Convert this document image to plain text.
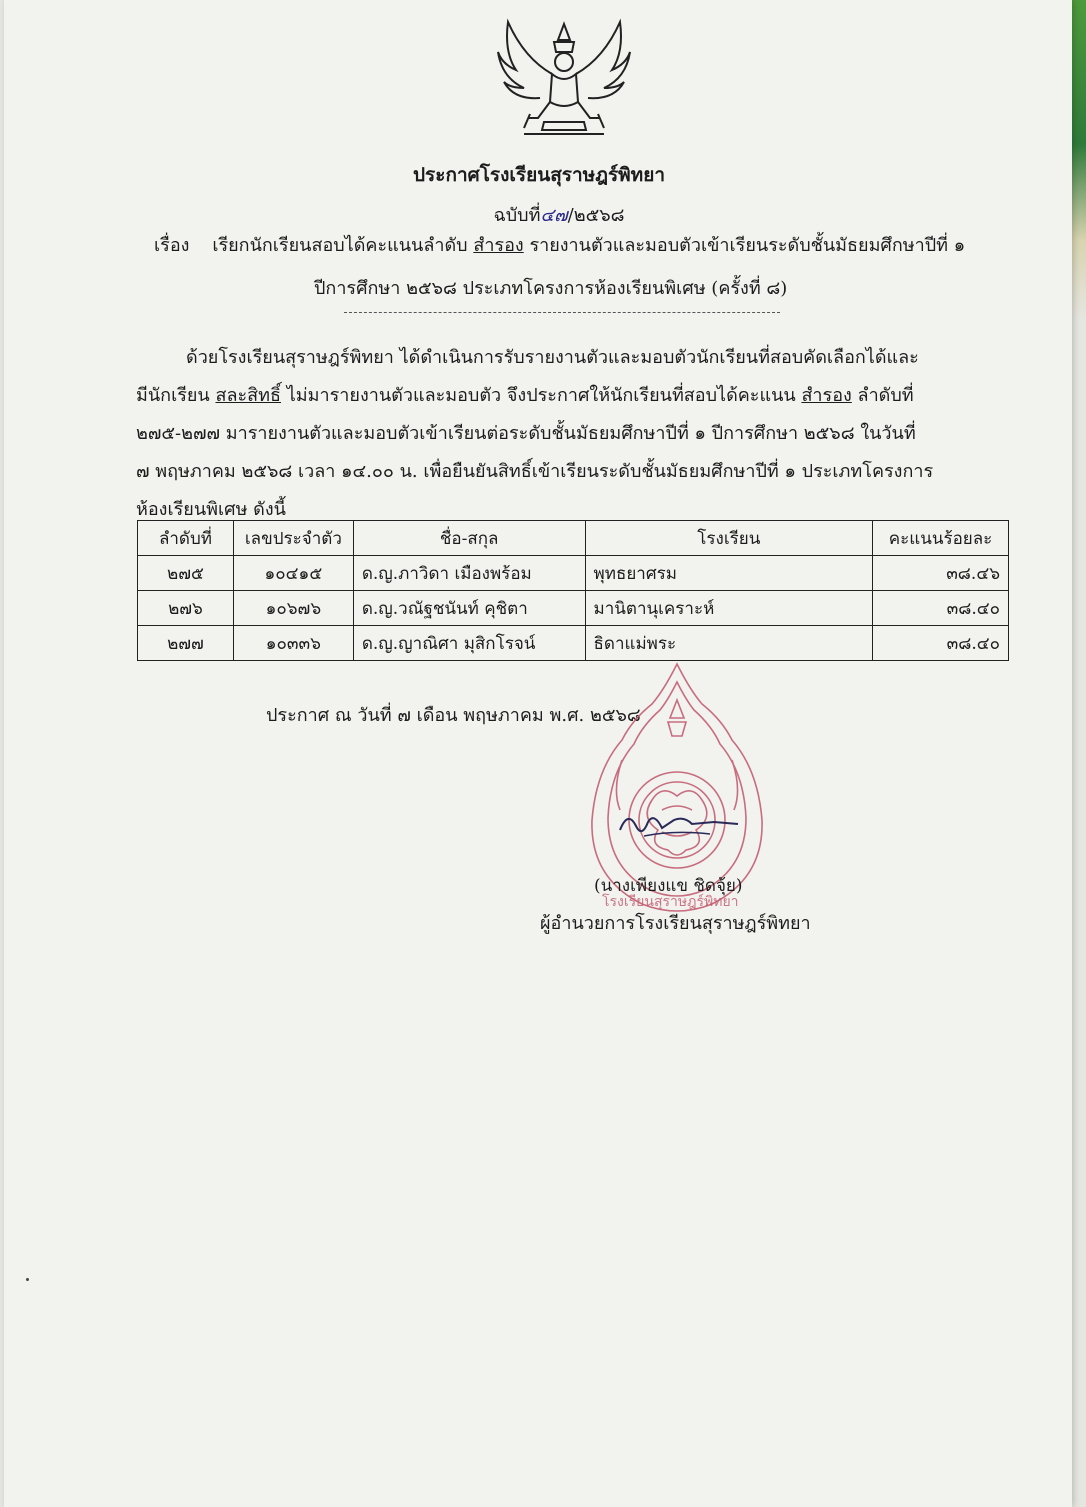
ประกาศโรงเรียนสุราษฎร์พิทยา
ฉบับที่๔๗/๒๕๖๘
เรื่อง เรียกนักเรียนสอบได้คะแนนลำดับ สำรอง รายงานตัวและมอบตัวเข้าเรียนระดับชั้นมัธยมศึกษาปีที่ ๑
ปีการศึกษา ๒๕๖๘ ประเภทโครงการห้องเรียนพิเศษ (ครั้งที่ ๘)
ด้วยโรงเรียนสุราษฎร์พิทยา ได้ดำเนินการรับรายงานตัวและมอบตัวนักเรียนที่สอบคัดเลือกได้และ
มีนักเรียน สละสิทธิ์ ไม่มารายงานตัวและมอบตัว จึงประกาศให้นักเรียนที่สอบได้คะแนน สำรอง ลำดับที่
๒๗๕-๒๗๗ มารายงานตัวและมอบตัวเข้าเรียนต่อระดับชั้นมัธยมศึกษาปีที่ ๑ ปีการศึกษา ๒๕๖๘ ในวันที่
๗ พฤษภาคม ๒๕๖๘ เวลา ๑๔.๐๐ น. เพื่อยืนยันสิทธิ์เข้าเรียนระดับชั้นมัธยมศึกษาปีที่ ๑ ประเภทโครงการ
ห้องเรียนพิเศษ ดังนี้
ลำดับที่	เลขประจำตัว	ชื่อ-สกุล	โรงเรียน	คะแนนร้อยละ
๒๗๕	๑๐๔๑๕	ด.ญ.ภาวิดา เมืองพร้อม	พุทธยาศรม	๓๘.๔๖
๒๗๖	๑๐๖๗๖	ด.ญ.วณัฐชนันท์ คุชิตา	มานิตานุเคราะห์	๓๘.๔๐
๒๗๗	๑๐๓๓๖	ด.ญ.ญาณิศา มุสิกโรจน์	ธิดาแม่พระ	๓๘.๔๐
ประกาศ ณ วันที่ ๗ เดือน พฤษภาคม พ.ศ. ๒๕๖๘
โรงเรียนสุราษฎร์พิทยา
(นางเพียงแข ชิดจุ้ย)
ผู้อำนวยการโรงเรียนสุราษฎร์พิทยา
